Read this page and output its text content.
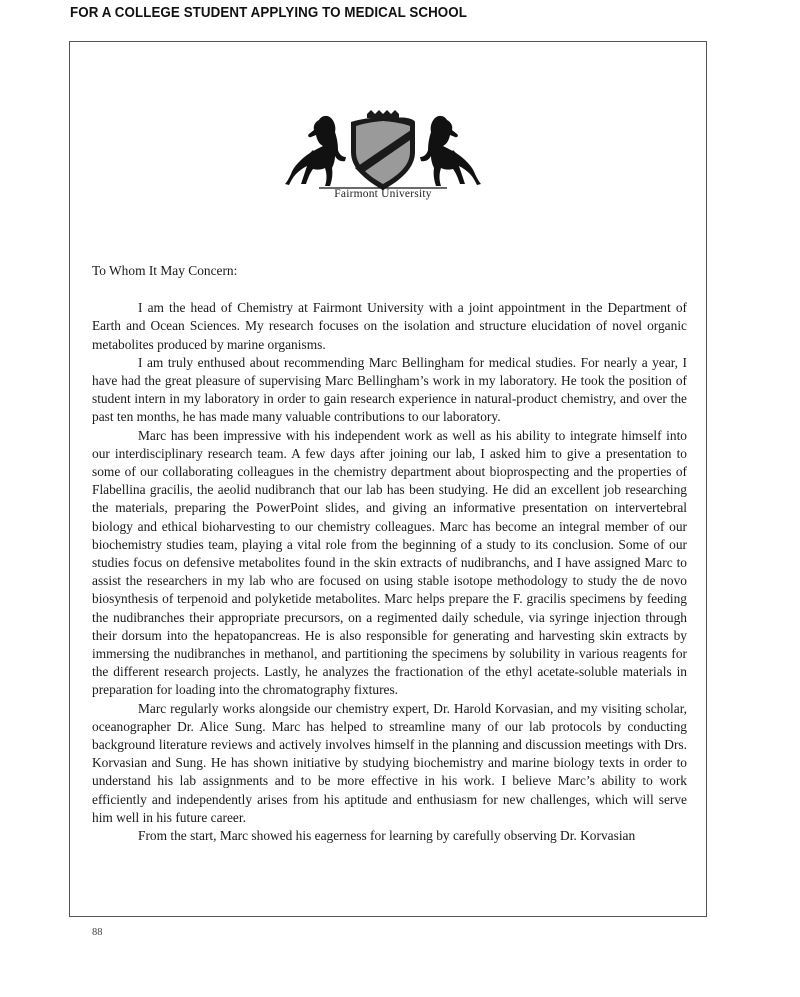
FOR A COLLEGE STUDENT APPLYING TO MEDICAL SCHOOL
Fairmont University

To Whom It May Concern:

I am the head of Chemistry at Fairmont University with a joint appointment in the Department of Earth and Ocean Sciences. My research focuses on the isolation and structure elucidation of novel organic metabolites produced by marine organisms.

I am truly enthused about recommending Marc Bellingham for medical studies. For nearly a year, I have had the great pleasure of supervising Marc Bellingham’s work in my laboratory. He took the position of student intern in my laboratory in order to gain research experience in natural-product chemistry, and over the past ten months, he has made many valuable contributions to our laboratory.

Marc has been impressive with his independent work as well as his ability to integrate himself into our interdisciplinary research team. A few days after joining our lab, I asked him to give a presentation to some of our collaborating colleagues in the chemistry department about bioprospecting and the properties of Flabellina gracilis, the aeolid nudibranch that our lab has been studying. He did an excellent job researching the materials, preparing the PowerPoint slides, and giving an informative presentation on intervertebral biology and ethical bioharvesting to our chemistry colleagues. Marc has become an integral member of our biochemistry studies team, playing a vital role from the beginning of a study to its conclusion. Some of our studies focus on defensive metabolites found in the skin extracts of nudibranchs, and I have assigned Marc to assist the researchers in my lab who are focused on using stable isotope methodology to study the de novo biosynthesis of terpenoid and polyketide metabolites. Marc helps prepare the F. gracilis specimens by feeding the nudibranches their appropriate precursors, on a regimented daily schedule, via syringe injection through their dorsum into the hepatopancreas. He is also responsible for generating and harvesting skin extracts by immersing the nudibranches in methanol, and partitioning the specimens by solubility in various reagents for the different research projects. Lastly, he analyzes the fractionation of the ethyl acetate-soluble materials in preparation for loading into the chromatography fixtures.

Marc regularly works alongside our chemistry expert, Dr. Harold Korvasian, and my visiting scholar, oceanographer Dr. Alice Sung. Marc has helped to streamline many of our lab protocols by conducting background literature reviews and actively involves himself in the planning and discussion meetings with Drs. Korvasian and Sung. He has shown initiative by studying biochemistry and marine biology texts in order to understand his lab assignments and to be more effective in his work. I believe Marc’s ability to work efficiently and independently arises from his aptitude and enthusiasm for new challenges, which will serve him well in his future career.

From the start, Marc showed his eagerness for learning by carefully observing Dr. Korvasian

88
